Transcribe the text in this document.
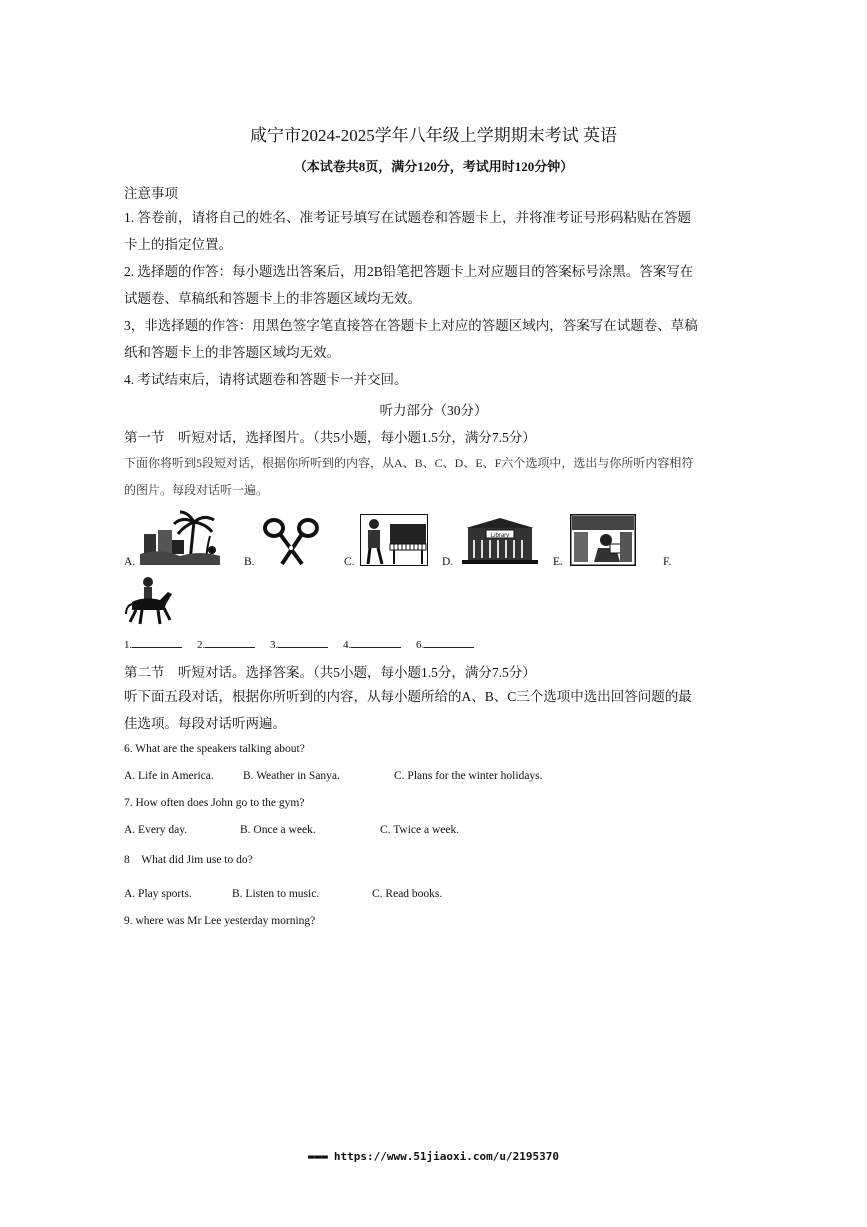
咸宁市2024-2025学年八年级上学期期末考试 英语
（本试卷共8页，满分120分，考试用时120分钟）
注意事项
1. 答卷前，请将自己的姓名、准考证号填写在试题卷和答题卡上，并将准考证号形码粘贴在答题卡上的指定位置。
2. 选择题的作答：每小题选出答案后，用2B铅笔把答题卡上对应题目的答案标号涂黑。答案写在试题卷、草稿纸和答题卡上的非答题区域均无效。
3，非选择题的作答：用黑色签字笔直接答在答题卡上对应的答题区域内，答案写在试题卷、草稿纸和答题卡上的非答题区域均无效。
4. 考试结束后，请将试题卷和答题卡一并交回。
听力部分（30分）
第一节　听短对话，选择图片。（共5小题，每小题1.5分，满分7.5分）
下面你将听到5段短对话，根据你所听到的内容，从A、B、C、D、E、F六个选项中，选出与你所听内容相符的图片。每段对话听一遍。
A.	B.	C.	D.
Library
E.	F.
1.	2.	3.	4.	6.
第二节　听短对话。选择答案。（共5小题，每小题1.5分，满分7.5分）
听下面五段对话，根据你所听到的内容，从每小题所给的A、B、C三个选项中选出回答问题的最佳选项。每段对话听两遍。
6. What are the speakers talking about?
A. Life in America.	B. Weather in Sanya.	C. Plans for the winter holidays.
7. How often does John go to the gym?
A. Every day.	B. Once a week.	C. Twice a week.
8　What did Jim use to do?
A. Play sports.	B. Listen to music.	C. Read books.
9. where was Mr Lee yesterday morning?
▬▬▬ https://www.51jiaoxi.com/u/2195370
